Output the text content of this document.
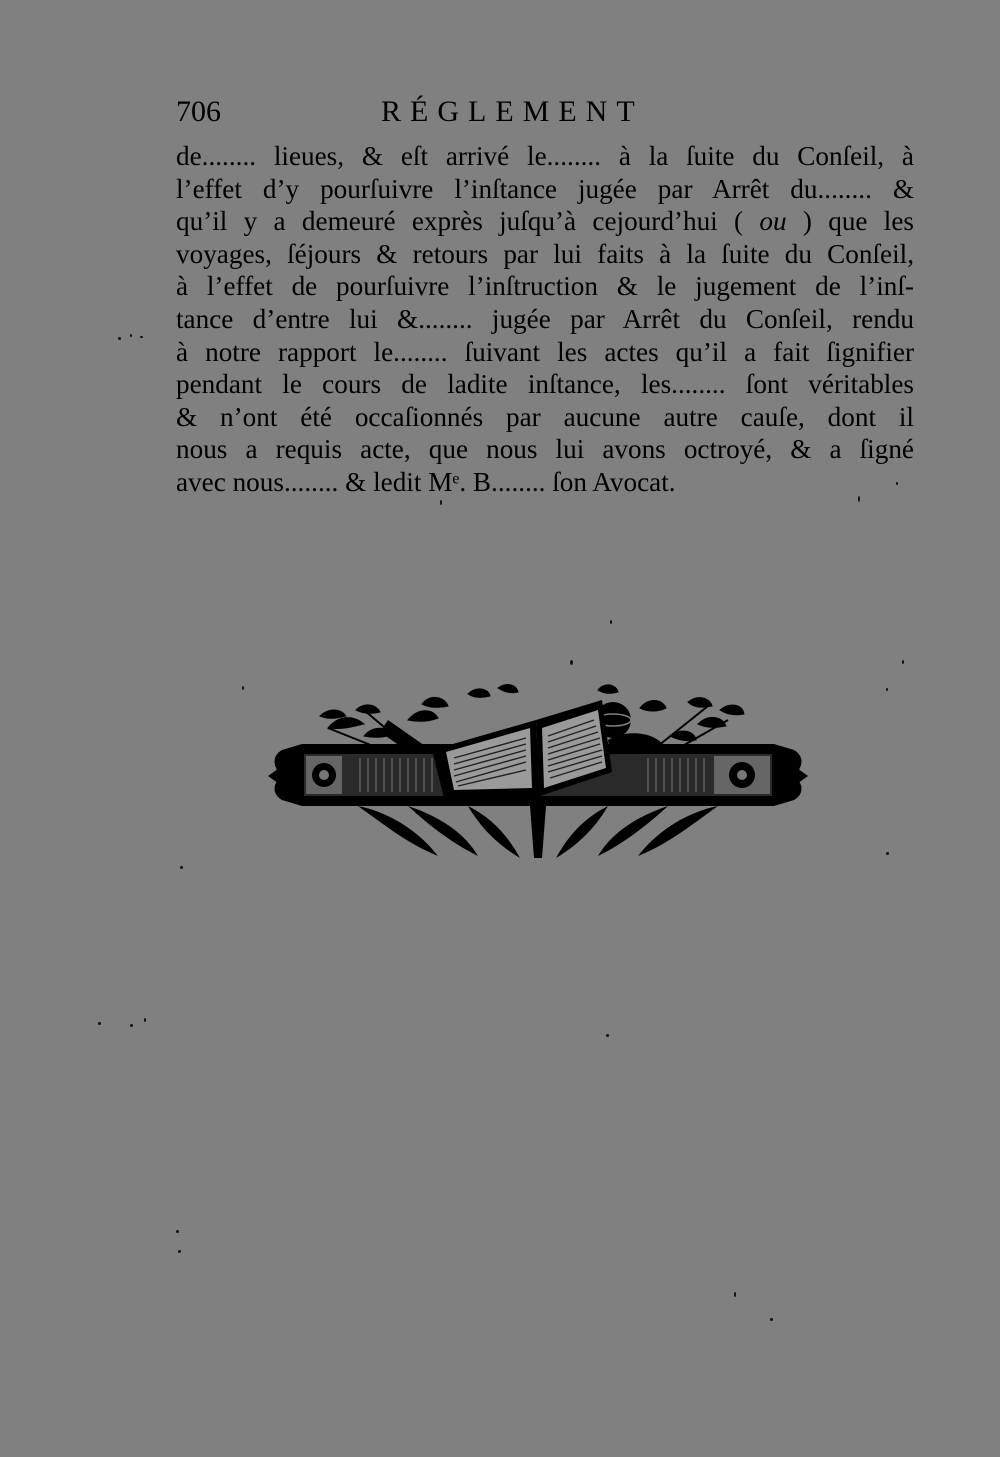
706	RÉGLEMENT
de........ lieues, & eſt arrivé le........ à la ſuite du Conſeil, à
l’effet d’y pourſuivre l’inſtance jugée par Arrêt du........ &
qu’il y a demeuré exprès juſqu’à cejourd’hui ( ou ) que les
voyages, ſéjours & retours par lui faits à la ſuite du Conſeil,
à l’effet de pourſuivre l’inſtruction & le jugement de l’inſ-
tance d’entre lui &........ jugée par Arrêt du Conſeil, rendu
à notre rapport le........ ſuivant les actes qu’il a fait ſignifier
pendant le cours de ladite inſtance, les........ ſont véritables
& n’ont été occaſionnés par aucune autre cauſe, dont il
nous a requis acte, que nous lui avons octroyé, & a ſigné
avec nous........ & ledit Mᵉ. B........ ſon Avocat.
